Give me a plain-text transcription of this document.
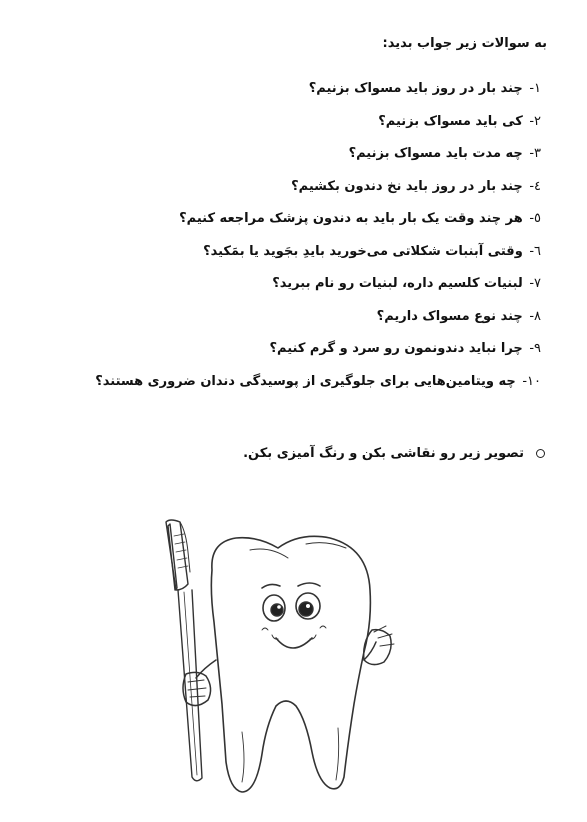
به سوالات زیر جواب بدید:
۱- چند بار در روز باید مسواک بزنیم؟
۲- کی باید مسواک بزنیم؟
۳- چه مدت باید مسواک بزنیم؟
٤- چند بار در روز باید نخ دندون بکشیم؟
٥- هر چند وقت یک بار باید به دندون پزشک مراجعه کنیم؟
٦- وقتی آبنبات شکلاتی می‌خورید بایدِ بجَوید یا بمَکید؟
۷- لبنیات کلسیم داره، لبنیات رو نام ببرید؟
۸- چند نوع مسواک داریم؟
۹- چرا نباید دندونمون رو سرد و گرم کنیم؟
۱۰- چه ویتامین‌هایی برای جلوگیری از پوسیدگی دندان ضروری هستند؟
تصویر زیر رو نقاشی بکن و رنگ آمیزی بکن.
